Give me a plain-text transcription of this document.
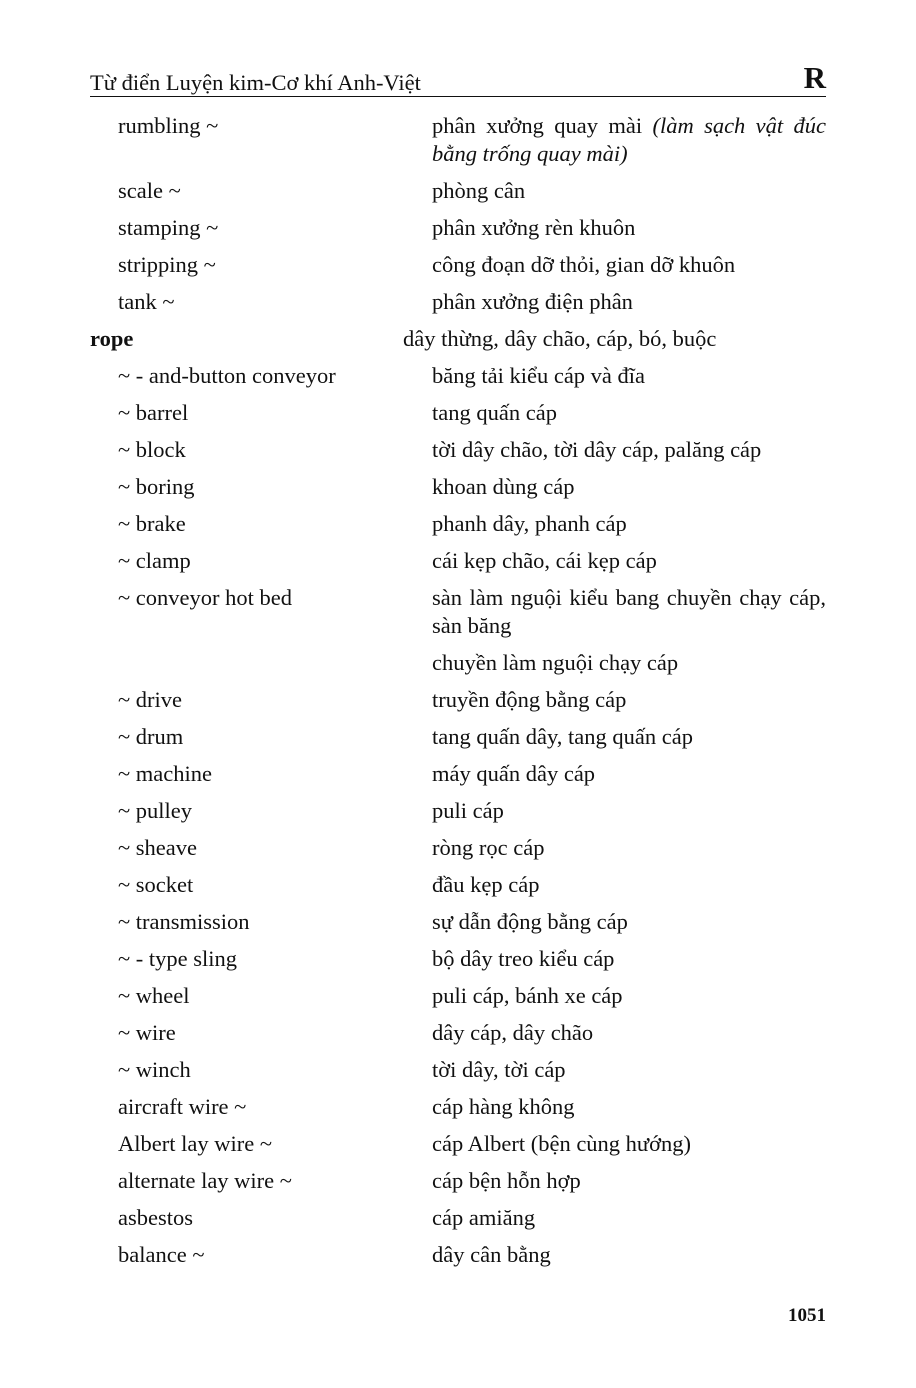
Từ điển Luyện kim-Cơ khí Anh-Việt	R
rumbling ~	phân xưởng quay mài (làm sạch vật đúc bằng trống quay mài)
scale ~	phòng cân
stamping ~	phân xưởng rèn khuôn
stripping ~	công đoạn dỡ thỏi, gian dỡ khuôn
tank ~	phân xưởng điện phân
rope	dây thừng, dây chão, cáp, bó, buộc
~ - and-button conveyor	băng tải kiểu cáp và đĩa
~ barrel	tang quấn cáp
~ block	tời dây chão, tời dây cáp, palăng cáp
~ boring	khoan dùng cáp
~ brake	phanh dây, phanh cáp
~ clamp	cái kẹp chão, cái kẹp cáp
~ conveyor hot bed	sàn làm nguội kiểu bang chuyền chạy cáp, sàn băng
chuyền làm nguội chạy cáp
~ drive	truyền động bằng cáp
~ drum	tang quấn dây, tang quấn cáp
~ machine	máy quấn dây cáp
~ pulley	puli cáp
~ sheave	ròng rọc cáp
~ socket	đầu kẹp cáp
~ transmission	sự dẫn động bằng cáp
~ - type sling	bộ dây treo kiểu cáp
~ wheel	puli cáp, bánh xe cáp
~ wire	dây cáp, dây chão
~ winch	tời dây, tời cáp
aircraft wire ~	cáp hàng không
Albert lay wire ~	cáp Albert (bện cùng hướng)
alternate lay wire ~	cáp bện hỗn hợp
asbestos	cáp amiăng
balance ~	dây cân bằng
1051
